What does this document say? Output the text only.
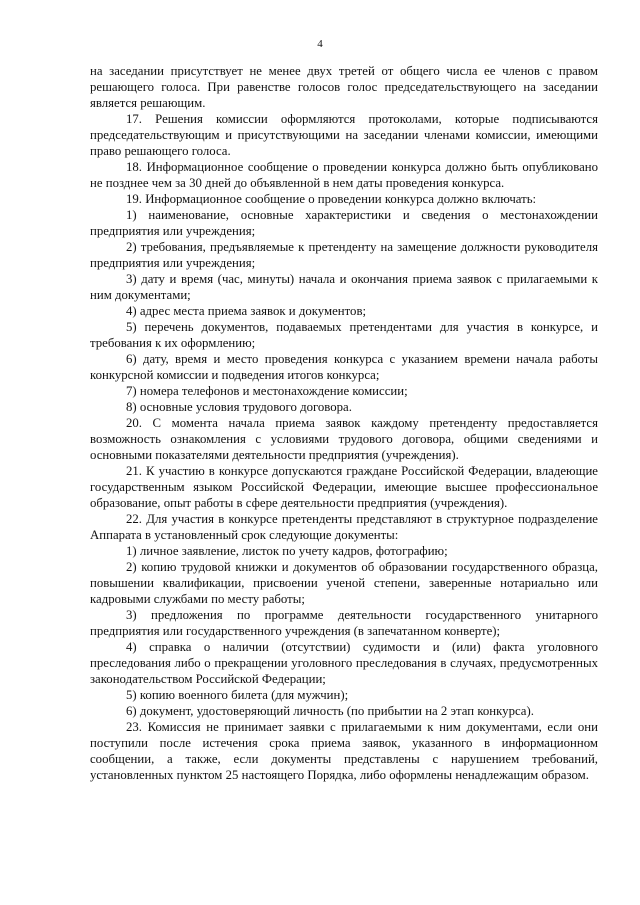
4

на заседании присутствует не менее двух третей от общего числа ее членов с правом решающего голоса. При равенстве голосов голос председательствующего на заседании является решающим.

17. Решения комиссии оформляются протоколами, которые подписываются председательствующим и присутствующими на заседании членами комиссии, имеющими право решающего голоса.

18. Информационное сообщение о проведении конкурса должно быть опубликовано не позднее чем за 30 дней до объявленной в нем даты проведения конкурса.

19. Информационное сообщение о проведении конкурса должно включать:

1) наименование, основные характеристики и сведения о местонахождении предприятия или учреждения;

2) требования, предъявляемые к претенденту на замещение должности руководителя предприятия или учреждения;

3) дату и время (час, минуты) начала и окончания приема заявок с прилагаемыми к ним документами;

4) адрес места приема заявок и документов;

5) перечень документов, подаваемых претендентами для участия в конкурсе, и требования к их оформлению;

6) дату, время и место проведения конкурса с указанием времени начала работы конкурсной комиссии и подведения итогов конкурса;

7) номера телефонов и местонахождение комиссии;

8) основные условия трудового договора.

20. С момента начала приема заявок каждому претенденту предоставляется возможность ознакомления с условиями трудового договора, общими сведениями и основными показателями деятельности предприятия (учреждения).

21. К участию в конкурсе допускаются граждане Российской Федерации, владеющие государственным языком Российской Федерации, имеющие высшее профессиональное образование, опыт работы в сфере деятельности предприятия (учреждения).

22. Для участия в конкурсе претенденты представляют в структурное подразделение Аппарата в установленный срок следующие документы:

1) личное заявление, листок по учету кадров, фотографию;

2) копию трудовой книжки и документов об образовании государственного образца, повышении квалификации, присвоении ученой степени, заверенные нотариально или кадровыми службами по месту работы;

3) предложения по программе деятельности государственного унитарного предприятия или государственного учреждения (в запечатанном конверте);

4) справка о наличии (отсутствии) судимости и (или) факта уголовного преследования либо о прекращении уголовного преследования в случаях, предусмотренных законодательством Российской Федерации;

5) копию военного билета (для мужчин);

6) документ, удостоверяющий личность (по прибытии на 2 этап конкурса).

23. Комиссия не принимает заявки с прилагаемыми к ним документами, если они поступили после истечения срока приема заявок, указанного в информационном сообщении, а также, если документы представлены с нарушением требований, установленных пунктом 25 настоящего Порядка, либо оформлены ненадлежащим образом.
